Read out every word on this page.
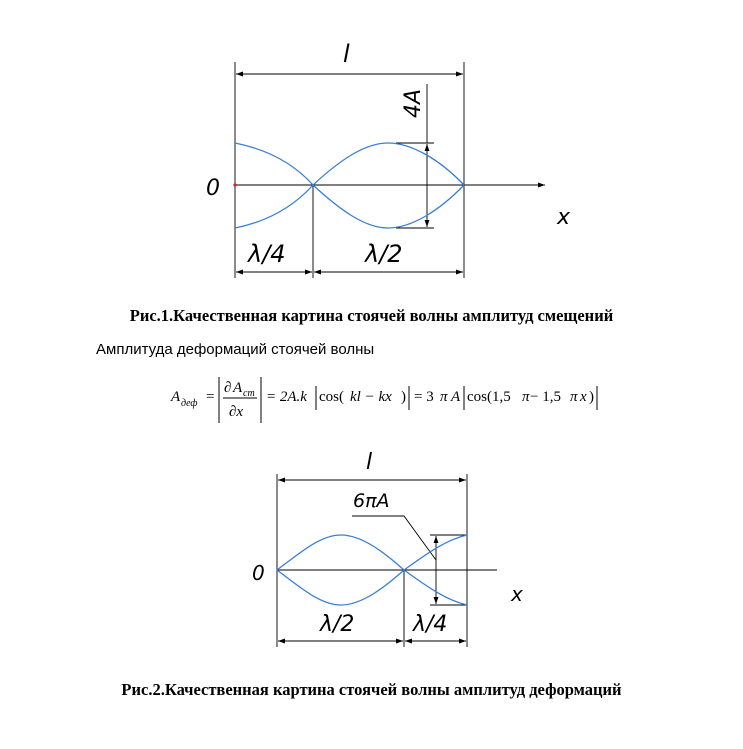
l
4A
0
x
λ/4	λ/2
A деф =
∂ A ст
∂x
= 2A.k cos( kl − kx ) = 3 π A cos(1,5 π − 1,5 π x )
l
6πA
0
x
λ/2	λ/4
Рис.1.Качественная картина стоячей волны амплитуд смещений
Амплитуда деформаций стоячей волны
Рис.2.Качественная картина стоячей волны амплитуд деформаций
